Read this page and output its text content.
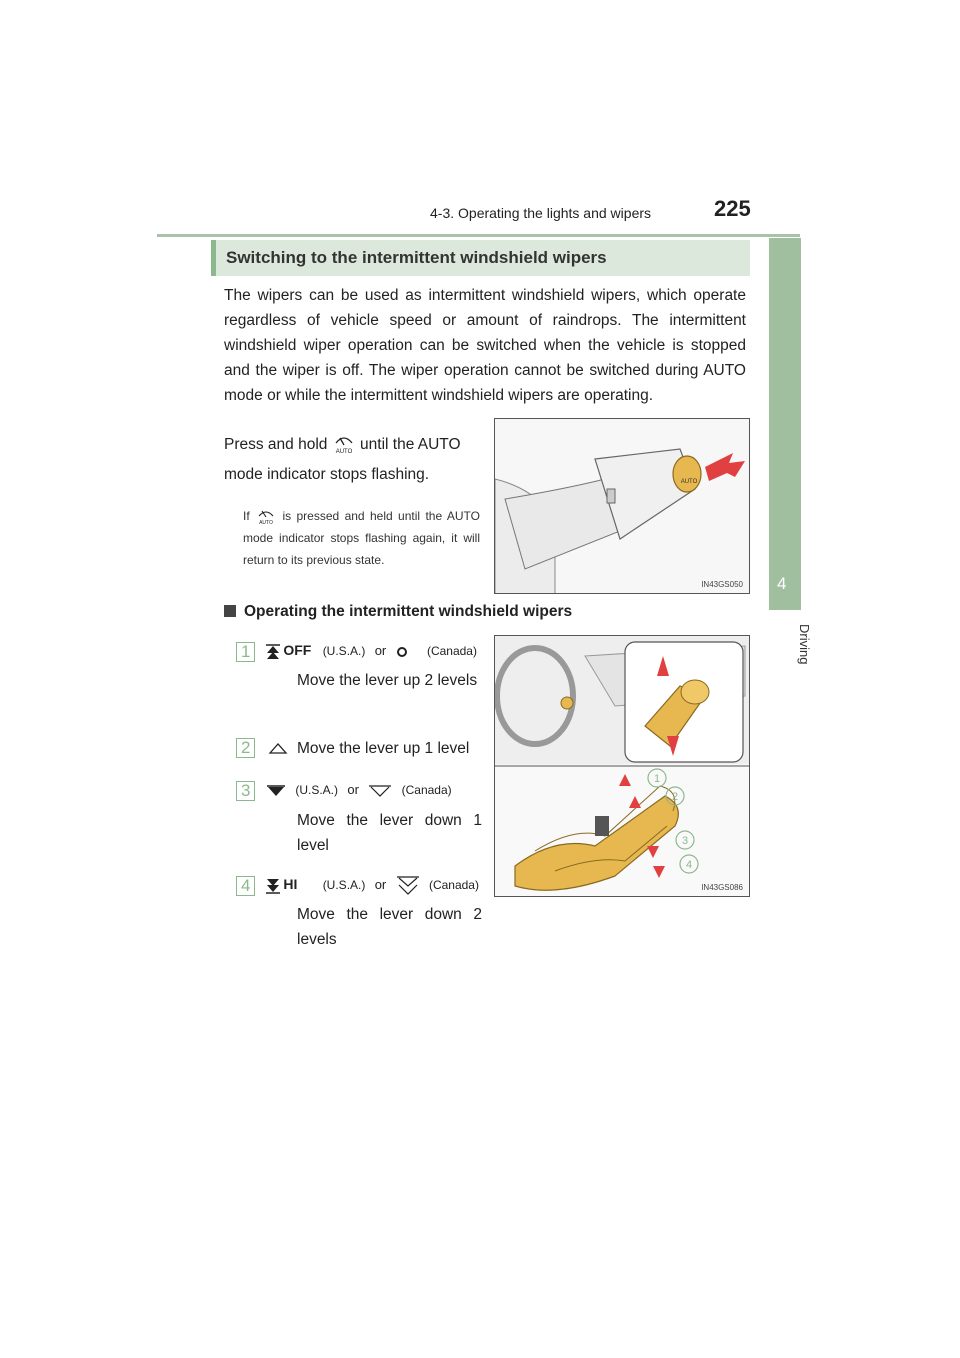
4-3. Operating the lights and wipers	225
4
Driving
Switching to the intermittent windshield wipers

The wipers can be used as intermittent windshield wipers, which operate regardless of vehicle speed or amount of raindrops. The intermittent windshield wiper operation can be switched when the vehicle is stopped and the wiper is off. The wiper operation cannot be switched during AUTO mode or while the intermittent windshield wipers are operating.

Press and hold AUTO until the AUTO mode indicator stops flashing.

If AUTO is pressed and held until the AUTO mode indicator stops flashing again, it will return to its previous state.

AUTO
IN43GS050
Operating the intermittent windshield wipers
1
2
3
4
IN43GS086
1	OFF (U.S.A.) or	(Canada)

Move the lever up 2 levels

2	Move the lever up 1 level

3	(U.S.A.) or	(Canada)

Move the lever down 1 level

4	HI (U.S.A.) or	(Canada)

Move the lever down 2 levels
